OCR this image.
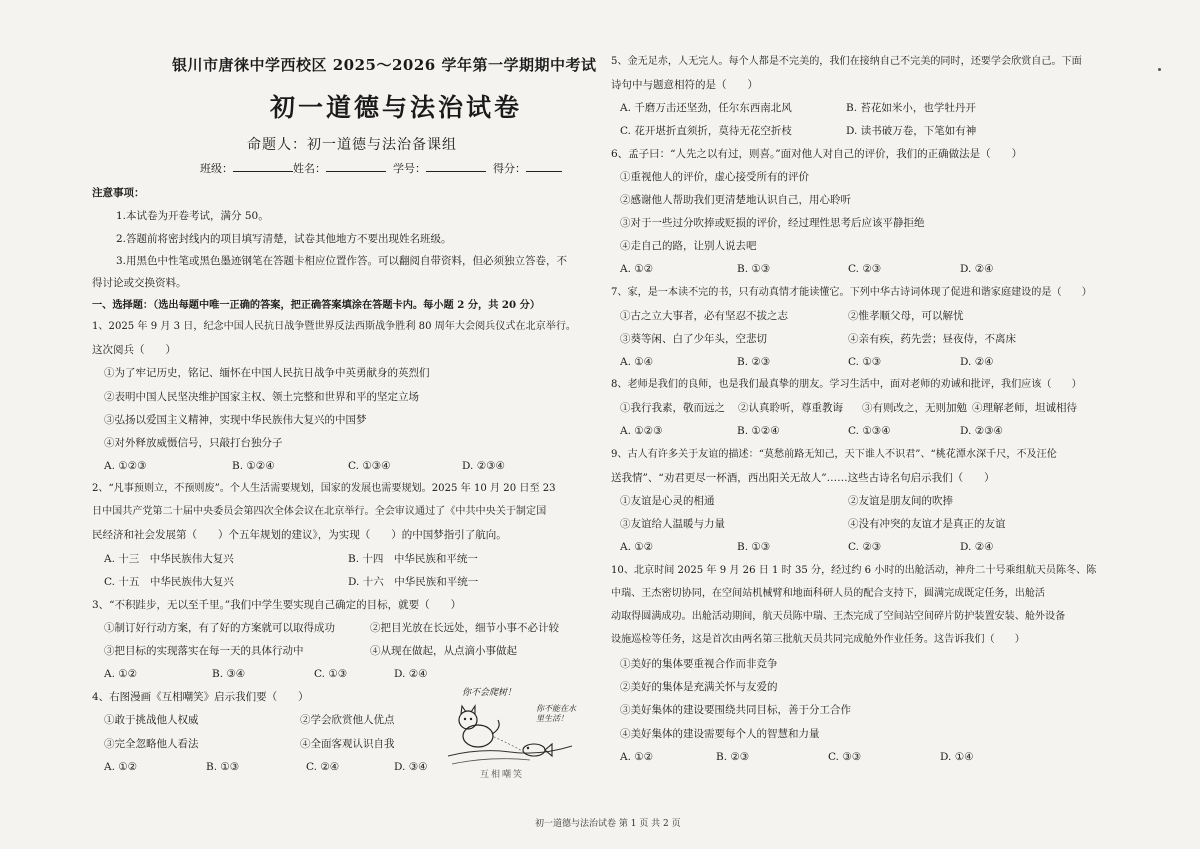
银川市唐徕中学西校区 2025～2026 学年第一学期期中考试
初一道德与法治试卷
命题人：初一道德与法治备课组
班级：	姓名：	学号：	得分：
注意事项：
1.本试卷为开卷考试，满分 50。
2.答题前将密封线内的项目填写清楚，试卷其他地方不要出现姓名班级。
3.用黑色中性笔或黑色墨迹钢笔在答题卡相应位置作答。可以翻阅自带资料，但必须独立答卷，不
得讨论或交换资料。
一、选择题：（选出每题中唯一正确的答案，把正确答案填涂在答题卡内。每小题 2 分，共 20 分）
1、2025 年 9 月 3 日，纪念中国人民抗日战争暨世界反法西斯战争胜利 80 周年大会阅兵仪式在北京举行。
这次阅兵（　　）
①为了牢记历史，铭记、缅怀在中国人民抗日战争中英勇献身的英烈们
②表明中国人民坚决维护国家主权、领土完整和世界和平的坚定立场
③弘扬以爱国主义精神，实现中华民族伟大复兴的中国梦
④对外释放威慑信号，只敲打台独分子
A. ①②③	B. ①②④	C. ①③④	D. ②③④
2、“凡事预则立，不预则废”。个人生活需要规划，国家的发展也需要规划。2025 年 10 月 20 日至 23
日中国共产党第二十届中央委员会第四次全体会议在北京举行。全会审议通过了《中共中央关于制定国
民经济和社会发展第（　　）个五年规划的建议》，为实现（　　）的中国梦指引了航向。
A. 十三　中华民族伟大复兴	B. 十四　中华民族和平统一
C. 十五　中华民族伟大复兴	D. 十六　中华民族和平统一
3、“不积跬步，无以至千里。”我们中学生要实现自己确定的目标，就要（　　）
①制订好行动方案，有了好的方案就可以取得成功	②把目光放在长远处，细节小事不必计较
③把目标的实现落实在每一天的具体行动中	④从现在做起，从点滴小事做起
A. ①②	B. ③④	C. ①③	D. ②④
4、右图漫画《互相嘲笑》启示我们要（　　）
①敢于挑战他人权威	②学会欣赏他人优点
③完全忽略他人看法	④全面客观认识自我
A. ①②	B. ①③	C. ②④	D. ③④
你不会爬树！
你不能在水里生活！
互相嘲笑
5、金无足赤，人无完人。每个人都是不完美的，我们在接纳自己不完美的同时，还要学会欣赏自己。下面
诗句中与题意相符的是（　　）
A. 千磨万击还坚劲，任尔东西南北风	B. 苔花如米小，也学牡丹开
C. 花开堪折直须折，莫待无花空折枝	D. 读书破万卷，下笔如有神
6、孟子曰：“人先之以有过，则喜。”面对他人对自己的评价，我们的正确做法是（　　）
①重视他人的评价，虚心接受所有的评价
②感谢他人帮助我们更清楚地认识自己，用心聆听
③对于一些过分吹捧或贬损的评价，经过理性思考后应该平静拒绝
④走自己的路，让别人说去吧
A. ①②	B. ①③	C. ②③	D. ②④
7、家，是一本读不完的书，只有动真情才能读懂它。下列中华古诗词体现了促进和谐家庭建设的是（　　）
①古之立大事者，必有坚忍不拔之志	②惟孝顺父母，可以解忧
③葵等闲、白了少年头，空悲切	④亲有疾，药先尝；昼夜侍，不离床
A. ①④	B. ②③	C. ①③	D. ②④
8、老师是我们的良师，也是我们最真挚的朋友。学习生活中，面对老师的劝诫和批评，我们应该（　　）
①我行我素，敬而远之 ②认真聆听，尊重教诲 ③有则改之，无则加勉 ④理解老师，坦诚相待
A. ①②③	B. ①②④	C. ①③④	D. ②③④
9、古人有许多关于友谊的描述：“莫愁前路无知己，天下谁人不识君”、“桃花潭水深千尺，不及汪伦
送我情”、“劝君更尽一杯酒，西出阳关无故人”……这些古诗名句启示我们（　　）
①友谊是心灵的相通	②友谊是朋友间的吹捧
③友谊给人温暖与力量	④没有冲突的友谊才是真正的友谊
A. ①②	B. ①③	C. ②③	D. ②④
10、北京时间 2025 年 9 月 26 日 1 时 35 分，经过约 6 小时的出舱活动，神舟二十号乘组航天员陈冬、陈
中瑞、王杰密切协同，在空间站机械臂和地面科研人员的配合支持下，圆满完成既定任务，出舱活
动取得圆满成功。出舱活动期间，航天员陈中瑞、王杰完成了空间站空间碎片防护装置安装、舱外设备
设施巡检等任务，这是首次由两名第三批航天员共同完成舱外作业任务。这告诉我们（　　）
①美好的集体要重视合作而非竞争
②美好的集体是充满关怀与友爱的
③美好集体的建设要围绕共同目标，善于分工合作
④美好集体的建设需要每个人的智慧和力量
A. ①②	B. ②③	C. ③③	D. ①④
初一道德与法治试卷 第 1 页 共 2 页
